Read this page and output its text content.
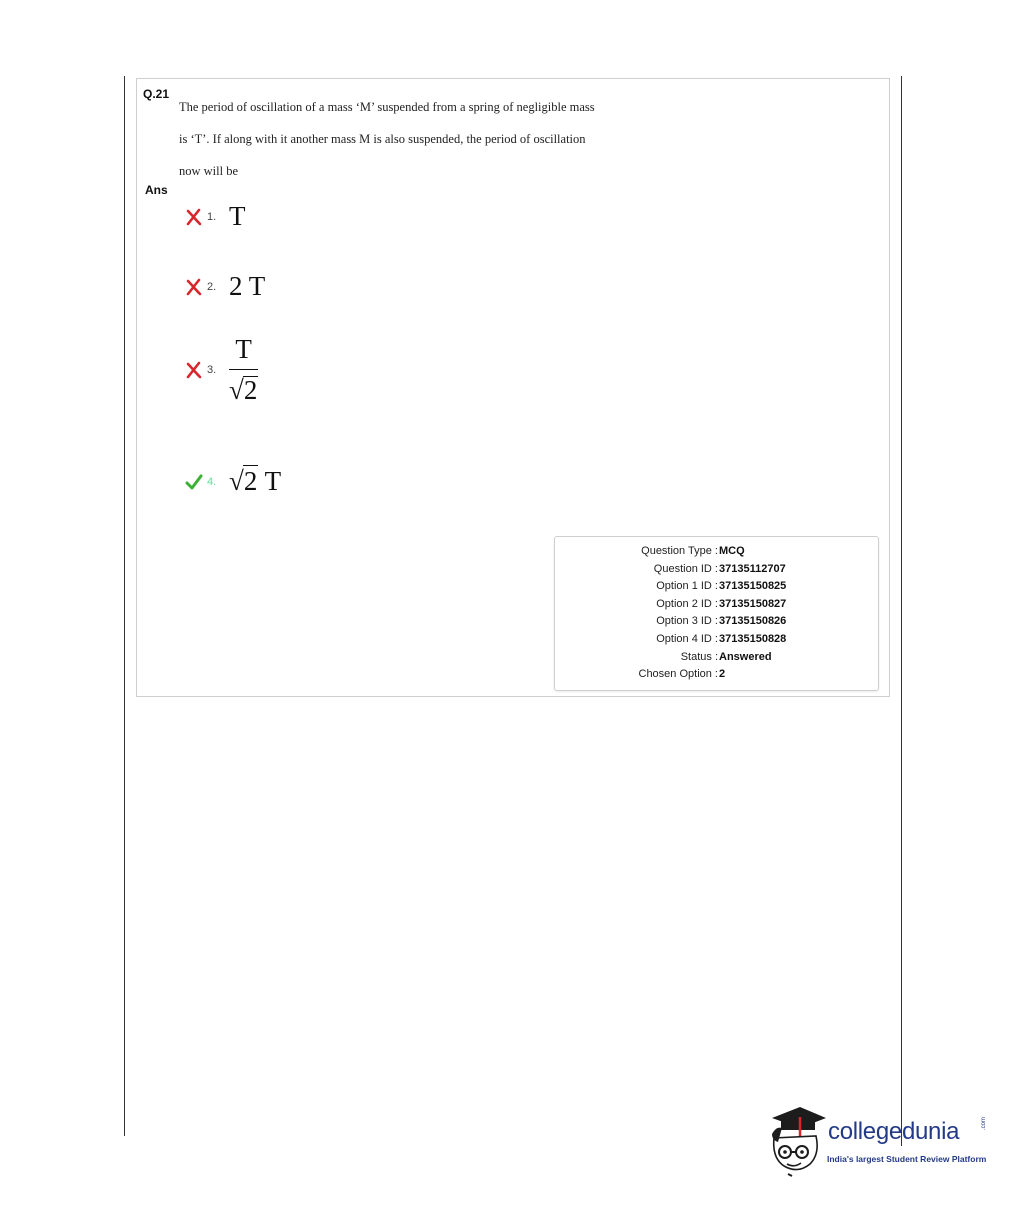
Q.21
The period of oscillation of a mass ‘M’ suspended from a spring of negligible mass
is ‘T’. If along with it another mass M is also suspended, the period of oscillation
now will be
Ans
1. T
2. 2 T
3. $\frac{T}{√ 2}$
4. √2 T
Question Type : MCQ
Question ID : 37135112707
Option 1 ID : 37135150825
Option 2 ID : 37135150827
Option 3 ID : 37135150826
Option 4 ID : 37135150828
Status : Answered
Chosen Option : 2
collegedunia	.com
India's largest Student Review Platform
